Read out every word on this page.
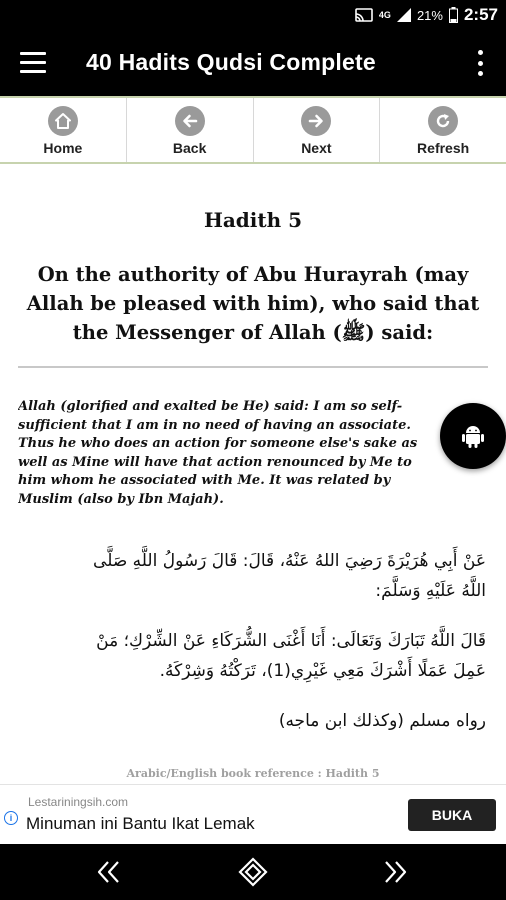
4G 21% 2:57
40 Hadits Qudsi Complete
Home	Back	Next	Refresh
Hadith 5
On the authority of Abu Hurayrah (may
Allah be pleased with him), who said that
the Messenger of Allah (ﷺ) said:
Allah (glorified and exalted be He) said: I am so self-
sufficient that I am in no need of having an associate.
Thus he who does an action for someone else's sake as
well as Mine will have that action renounced by Me to
him whom he associated with Me. It was related by
Muslim (also by Ibn Majah).

عَنْ أَبِي هُرَيْرَةَ رَضِيَ اللهُ عَنْهُ، قَالَ: قَالَ رَسُولُ اللَّهِ صَلَّى

اللَّهُ عَلَيْهِ وَسَلَّمَ:

قَالَ اللَّهُ تَبَارَكَ وَتَعَالَى: أَنَا أَغْنَى الشُّرَكَاءِ عَنْ الشِّرْكِ؛ مَنْ

عَمِلَ عَمَلًا أَشْرَكَ مَعِي غَيْرِي(1)، تَرَكْتُهُ وَشِرْكَهُ.

رواه مسلم (وكذلك ابن ماجه)
Arabic/English book reference : Hadith 5
Lestariningsih.com
i Minuman ini Bantu Ikat Lemak	BUKA
